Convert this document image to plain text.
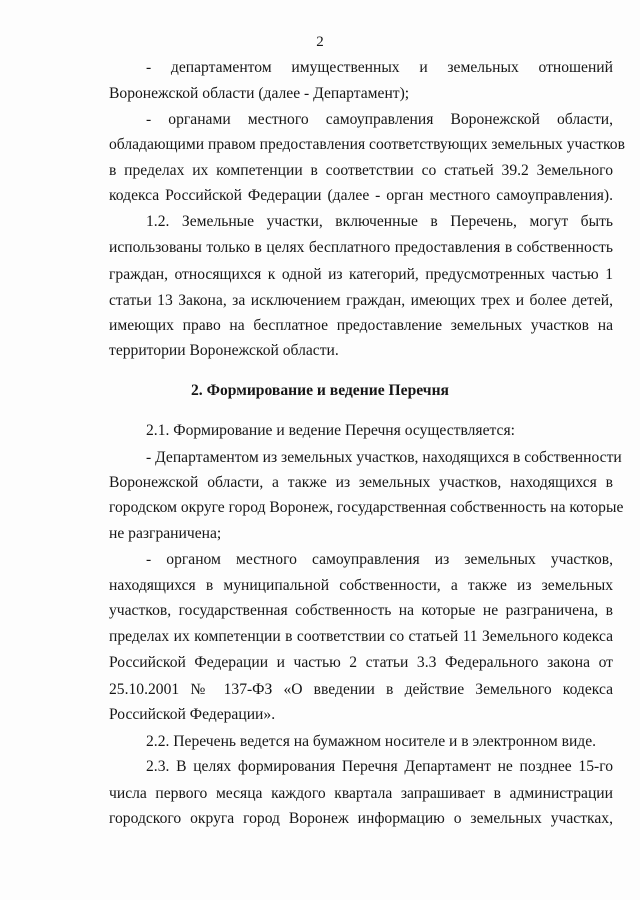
2
- департаментом имущественных и земельных отношений
Воронежской области (далее - Департамент);
- органами местного самоуправления Воронежской области,
обладающими правом предоставления соответствующих земельных участков
в пределах их компетенции в соответствии со статьей 39.2 Земельного
кодекса Российской Федерации (далее - орган местного самоуправления).
1.2. Земельные участки, включенные в Перечень, могут быть
использованы только в целях бесплатного предоставления в собственность
граждан, относящихся к одной из категорий, предусмотренных частью 1
статьи 13 Закона, за исключением граждан, имеющих трех и более детей,
имеющих право на бесплатное предоставление земельных участков на
территории Воронежской области.
2. Формирование и ведение Перечня
2.1. Формирование и ведение Перечня осуществляется:
- Департаментом из земельных участков, находящихся в собственности
Воронежской области, а также из земельных участков, находящихся в
городском округе город Воронеж, государственная собственность на которые
не разграничена;
- органом местного самоуправления из земельных участков,
находящихся в муниципальной собственности, а также из земельных
участков, государственная собственность на которые не разграничена, в
пределах их компетенции в соответствии со статьей 11 Земельного кодекса
Российской Федерации и частью 2 статьи 3.3 Федерального закона от
25.10.2001 № 137-ФЗ «О введении в действие Земельного кодекса
Российской Федерации».
2.2. Перечень ведется на бумажном носителе и в электронном виде.
2.3. В целях формирования Перечня Департамент не позднее 15-го
числа первого месяца каждого квартала запрашивает в администрации
городского округа город Воронеж информацию о земельных участках,
